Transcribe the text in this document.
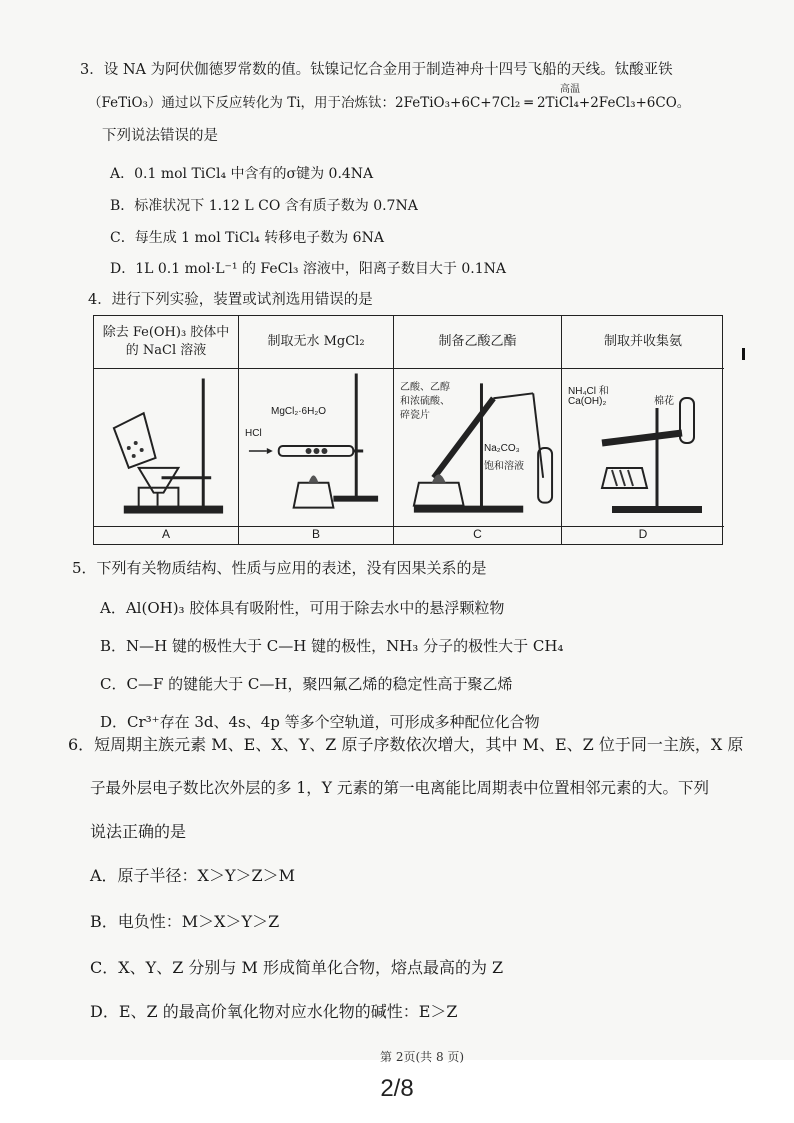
3．设 NA 为阿伏伽德罗常数的值。钛镍记忆合金用于制造神舟十四号飞船的天线。钛酸亚铁
高温
（FeTiO₃）通过以下反应转化为 Ti，用于冶炼钛：2FeTiO₃+6C+7Cl₂ ═ 2TiCl₄+2FeCl₃+6CO。
下列说法错误的是
A．0.1 mol TiCl₄ 中含有的σ键为 0.4NA
B．标准状况下 1.12 L CO 含有质子数为 0.7NA
C．每生成 1 mol TiCl₄ 转移电子数为 6NA
D．1L 0.1 mol·L⁻¹ 的 FeCl₃ 溶液中，阳离子数目大于 0.1NA
4．进行下列实验，装置或试剂选用错误的是
除去 Fe(OH)₃ 胶体中的 NaCl 溶液
A
制取无水 MgCl₂
MgCl₂·6H₂O
HCl
B
制备乙酸乙酯
乙酸、乙醇
和浓硫酸、
碎瓷片
Na₂CO₃
饱和溶液
C
制取并收集氨
NH₄Cl 和
Ca(OH)₂	棉花
D
5．下列有关物质结构、性质与应用的表述，没有因果关系的是
A．Al(OH)₃ 胶体具有吸附性，可用于除去水中的悬浮颗粒物
B．N—H 键的极性大于 C—H 键的极性，NH₃ 分子的极性大于 CH₄
C．C—F 的键能大于 C—H，聚四氟乙烯的稳定性高于聚乙烯
D．Cr³⁺存在 3d、4s、4p 等多个空轨道，可形成多种配位化合物
6．短周期主族元素 M、E、X、Y、Z 原子序数依次增大，其中 M、E、Z 位于同一主族，X 原
子最外层电子数比次外层的多 1，Y 元素的第一电离能比周期表中位置相邻元素的大。下列
说法正确的是
A．原子半径：X＞Y＞Z＞M
B．电负性：M＞X＞Y＞Z
C．X、Y、Z 分别与 M 形成简单化合物，熔点最高的为 Z
D．E、Z 的最高价氧化物对应水化物的碱性：E＞Z
第 2页(共 8 页)
2/8
